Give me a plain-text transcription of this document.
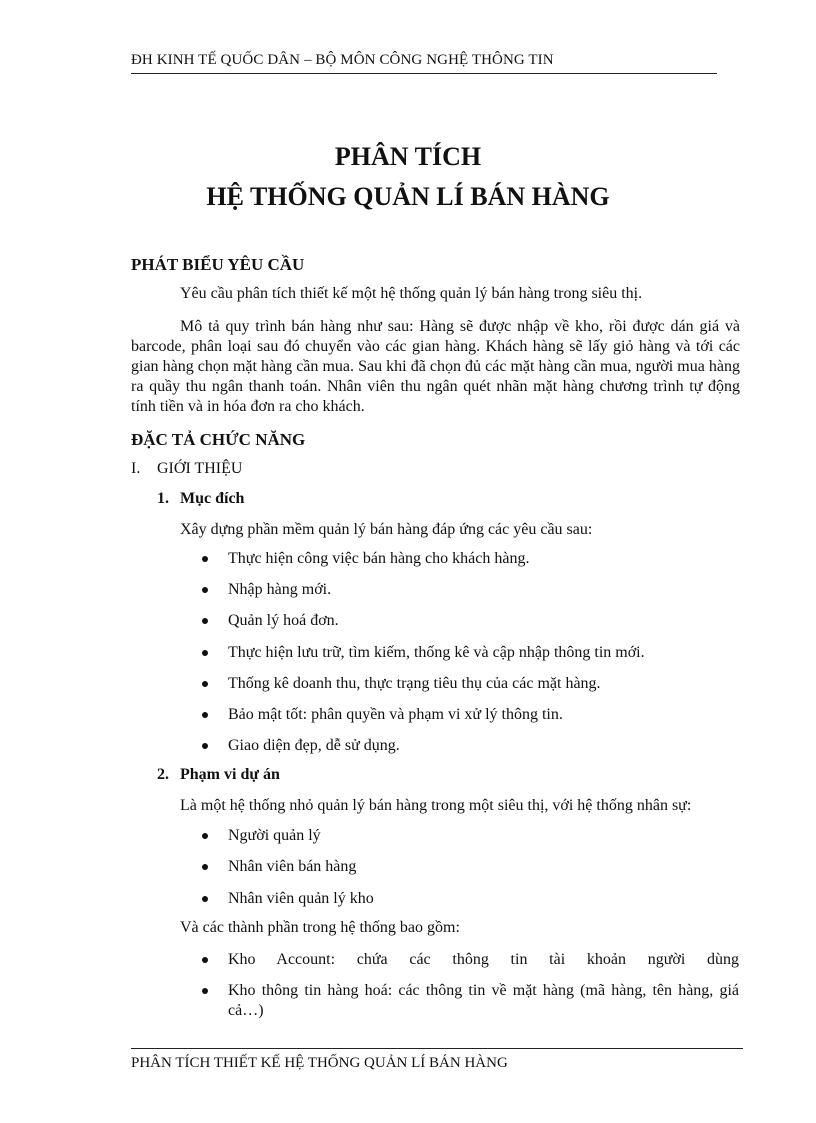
ĐH KINH TẾ QUỐC DÂN – BỘ MÔN CÔNG NGHỆ THÔNG TIN
PHÂN TÍCH
HỆ THỐNG QUẢN LÍ BÁN HÀNG
PHÁT BIỂU YÊU CẦU
Yêu cầu phân tích thiết kế một hệ thống quản lý bán hàng trong siêu thị.
Mô tả quy trình bán hàng như sau: Hàng sẽ được nhập về kho, rồi được dán giá và barcode, phân loại sau đó chuyển vào các gian hàng. Khách hàng sẽ lấy giỏ hàng và tới các gian hàng chọn mặt hàng cần mua. Sau khi đã chọn đủ các mặt hàng cần mua, người mua hàng ra quầy thu ngân thanh toán. Nhân viên thu ngân quét nhãn mặt hàng chương trình tự động tính tiền và in hóa đơn ra cho khách.
ĐẶC TẢ CHỨC NĂNG
I. GIỚI THIỆU
1. Mục đích
Xây dựng phần mềm quản lý bán hàng đáp ứng các yêu cầu sau:
Thực hiện công việc bán hàng cho khách hàng.
Nhập hàng mới.
Quản lý hoá đơn.
Thực hiện lưu trữ, tìm kiếm, thống kê và cập nhập thông tin mới.
Thống kê doanh thu, thực trạng tiêu thụ của các mặt hàng.
Bảo mật tốt: phân quyền và phạm vi xử lý thông tin.
Giao diện đẹp, dễ sử dụng.
2. Phạm vi dự án
Là một hệ thống nhỏ quản lý bán hàng trong một siêu thị, với hệ thống nhân sự:
Người quản lý
Nhân viên bán hàng
Nhân viên quản lý kho
Và các thành phần trong hệ thống bao gồm:
Kho Account: chứa các thông tin tài khoản người dùng
Kho thông tin hàng hoá: các thông tin về mặt hàng (mã hàng, tên hàng, giá cả…)
PHÂN TÍCH THIẾT KẾ HỆ THỐNG QUẢN LÍ BÁN HÀNG
